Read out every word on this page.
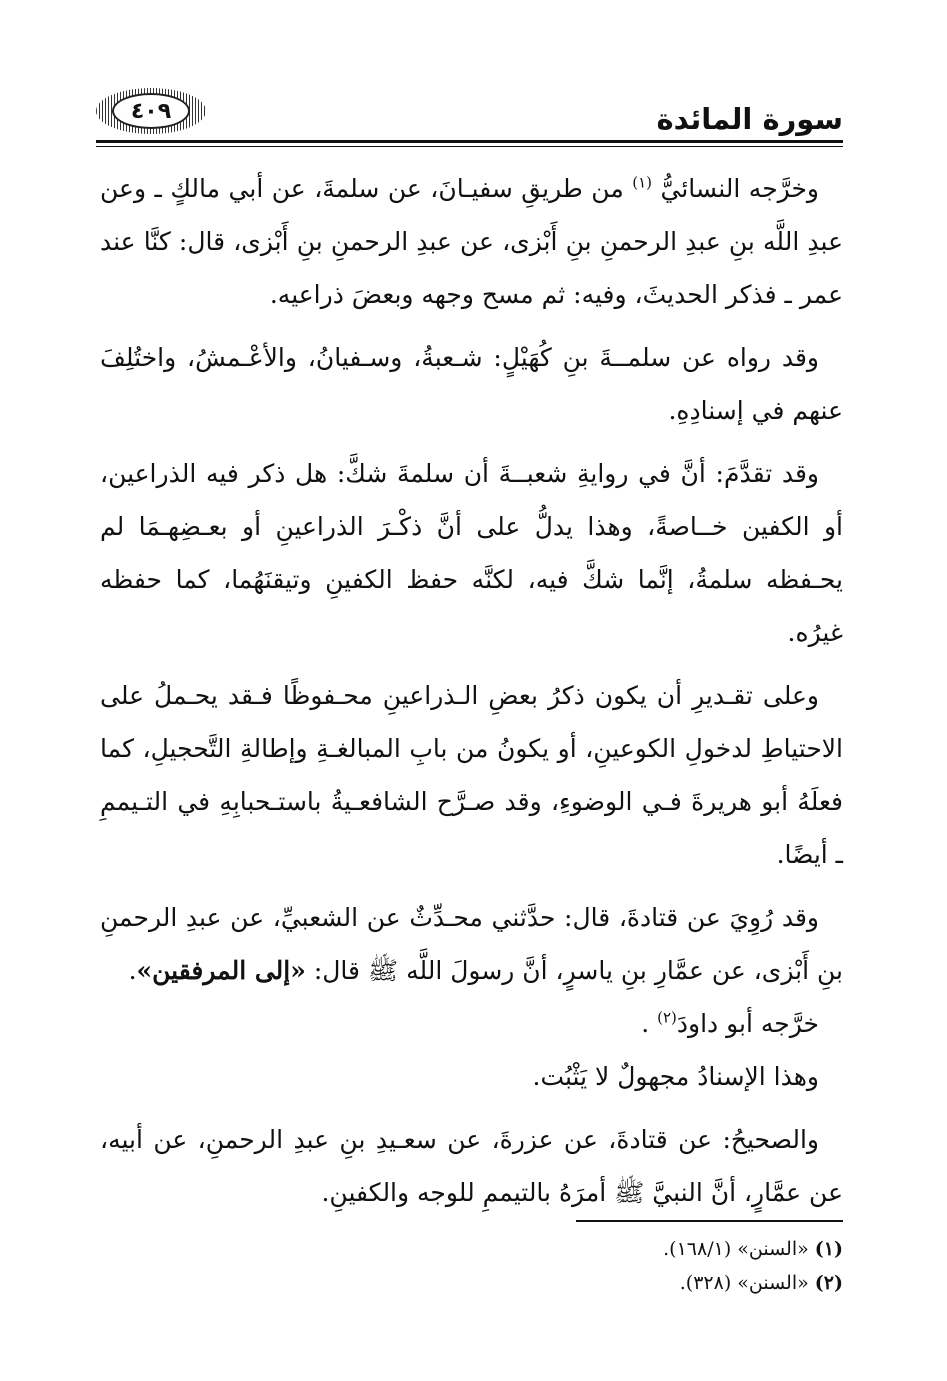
سورة المائدة
٤٠٩

وخرَّجه النسائيُّ $^{(١)}$ من طريقِ سفيـانَ، عن سلمةَ، عن أبي مالكٍ ـ وعن عبدِ اللَّه بنِ عبدِ الرحمنِ بنِ أَبْزى، عن عبدِ الرحمنِ بنِ أَبْزى، قال: كنَّا عند عمر ـ فذكر الحديثَ، وفيه: ثم مسح وجهه وبعضَ ذراعيه.

وقد رواه عن سلمــةَ بنِ كُهَيْلٍ: شـعبةُ، وسـفيانُ، والأعْـمشُ، واختُلِفَ عنهم في إسنادِهِ.

وقد تقدَّمَ: أنَّ في روايةِ شعبــةَ أن سلمةَ شكَّ: هل ذكر فيه الذراعين، أو الكفين خــاصةً، وهذا يدلُّ على أنَّ ذكْـرَ الذراعينِ أو بعـضِهـمَا لم يحـفظه سلمةُ، إنَّما شكَّ فيه، لكنَّه حفظ الكفينِ وتيقنَهُما، كما حفظه غيرُه.

وعلى تقـديرِ أن يكون ذكرُ بعضِ الـذراعينِ محـفوظًا فـقد يحـملُ على الاحتياطِ لدخولِ الكوعينِ، أو يكونُ من بابِ المبالغـةِ وإطالةِ التَّحجيلِ، كما فعلَهُ أبو هريرةَ فـي الوضوءِ، وقد صـرَّح الشافعـيةُ باستـحبابِهِ في التـيممِ ـ أيضًا.

وقد رُوِيَ عن قتادةَ، قال: حدَّثني محـدِّثٌ عن الشعبيِّ، عن عبدِ الرحمنِ بنِ أَبْزى، عن عمَّارِ بنِ ياسرٍ، أنَّ رسولَ اللَّه ﷺ قال: «إلى المرفقين».

خرَّجه أبو داودَ$^{(٢)}$ .

وهذا الإسنادُ مجهولٌ لا يَثْبُت.

والصحيحُ: عن قتادةَ، عن عزرةَ، عن سعـيدِ بنِ عبدِ الرحمنِ، عن أبيه، عن عمَّارٍ، أنَّ النبيَّ ﷺ أمرَهُ بالتيممِ للوجه والكفينِ.

(١) «السنن» (١٦٨/١).
(٢) «السنن» (٣٢٨).
